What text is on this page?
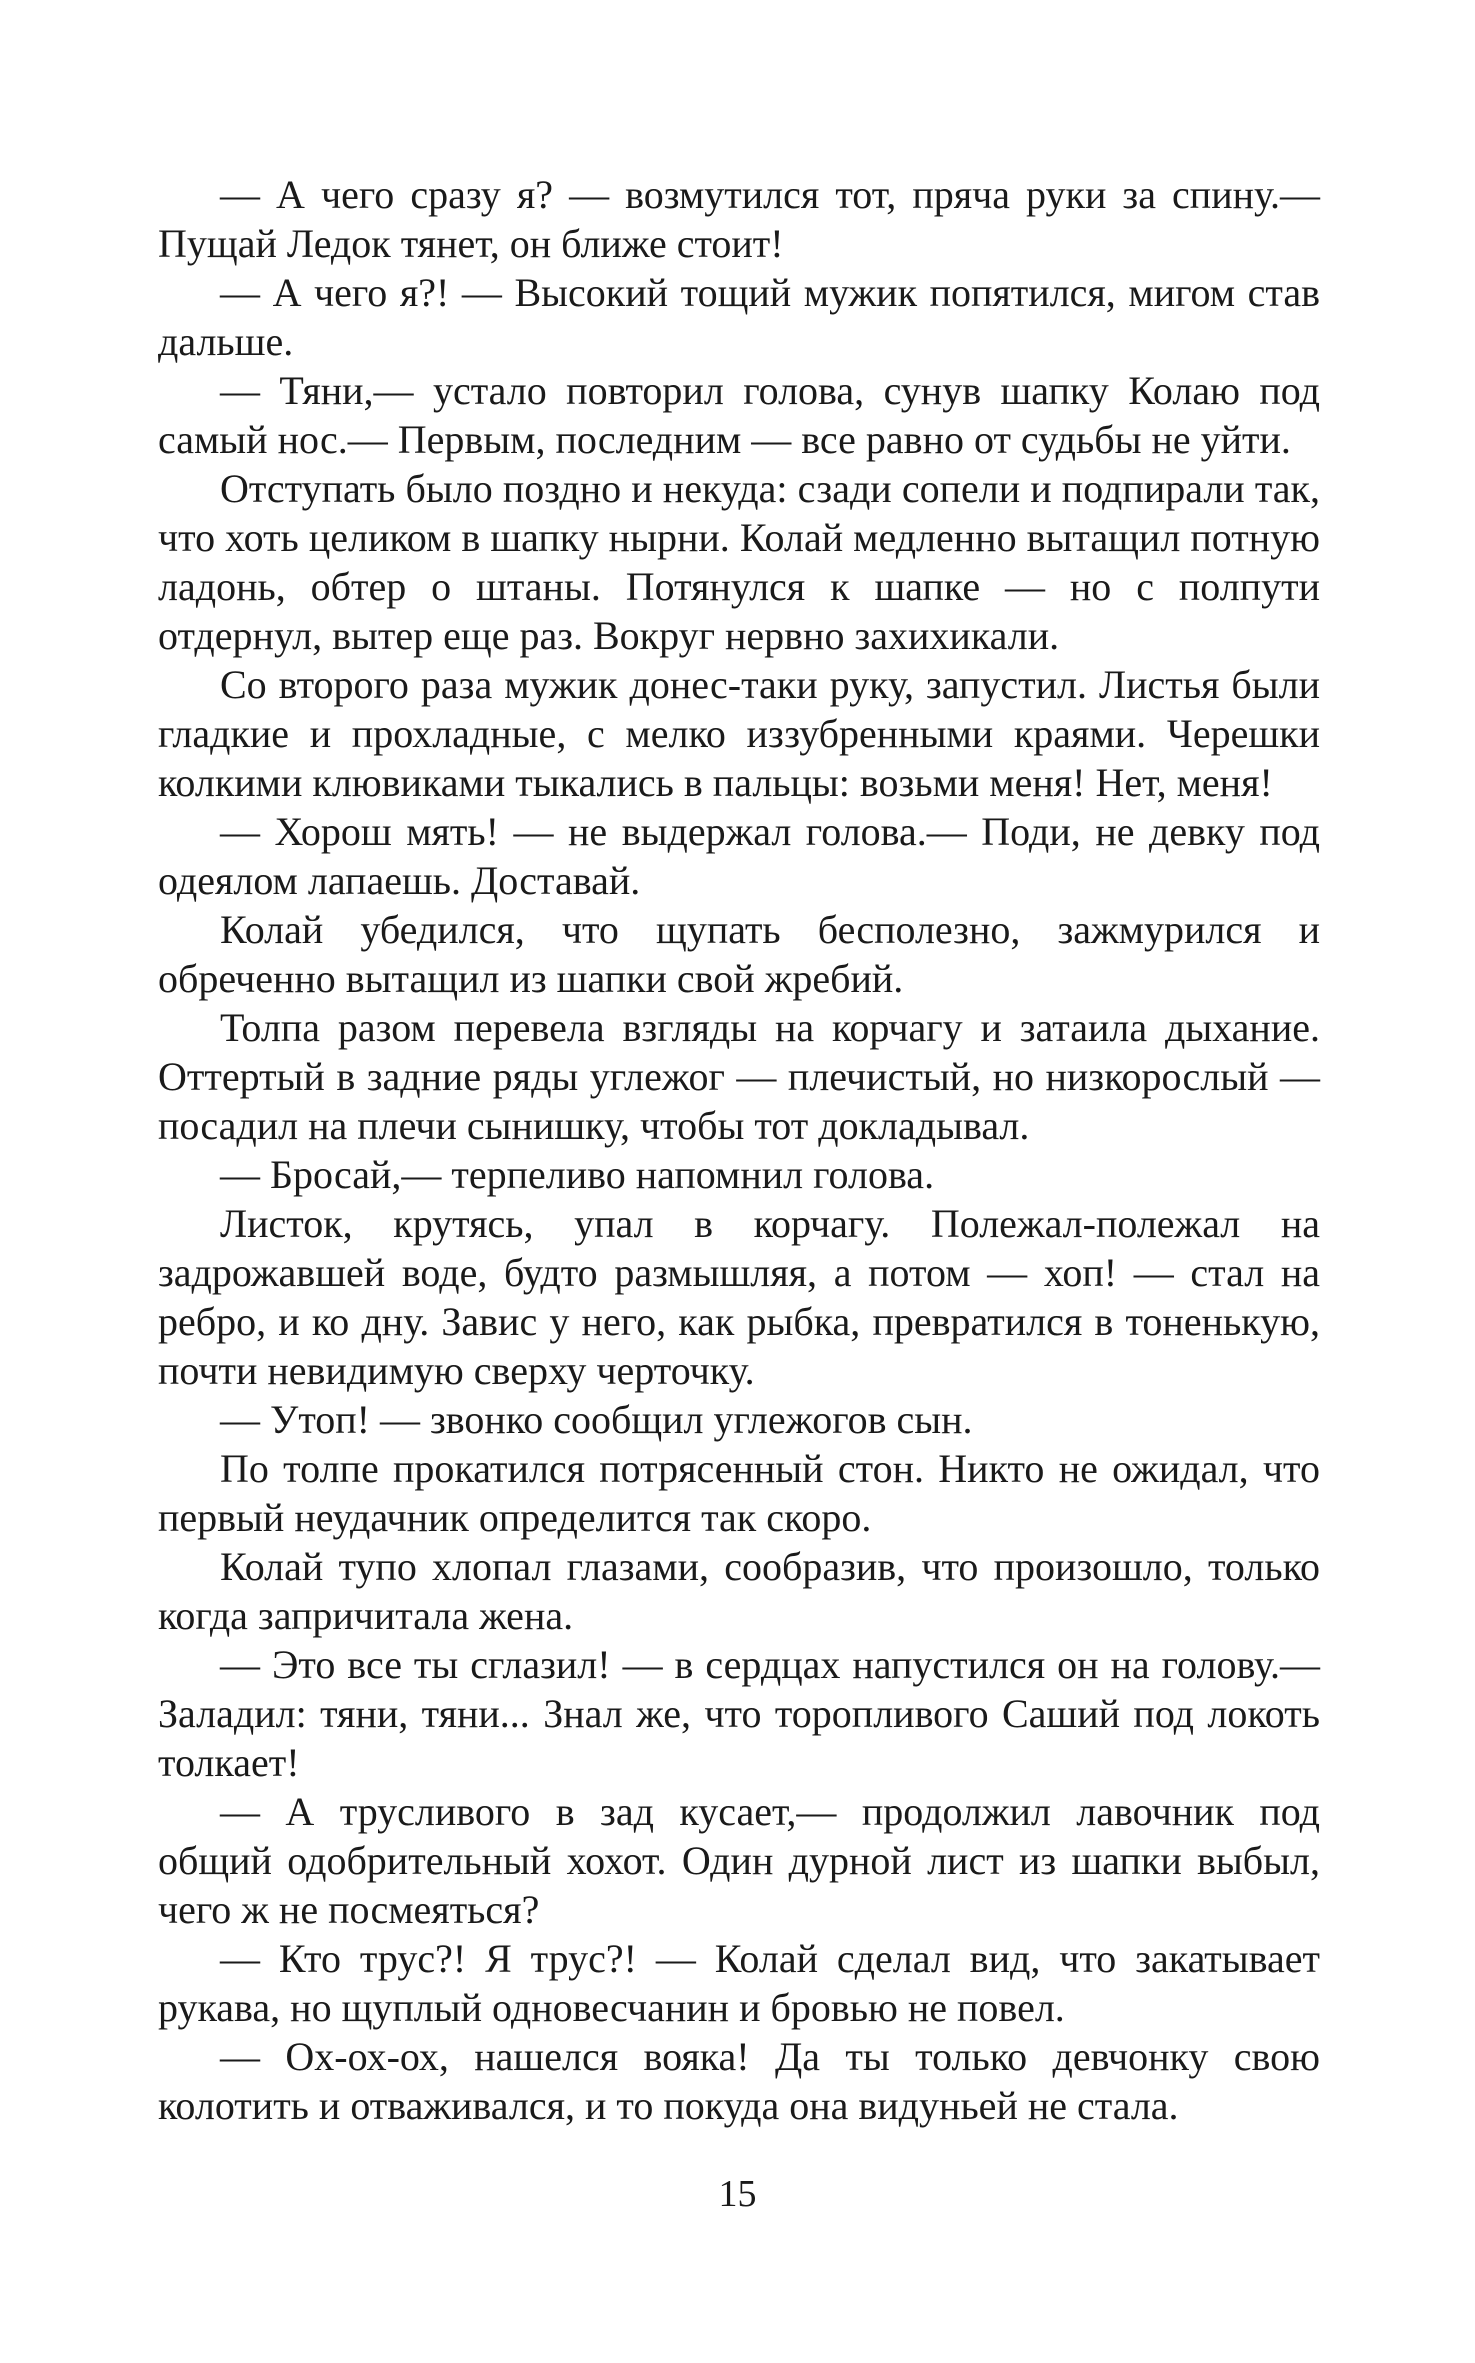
— А чего сразу я? — возмутился тот, пряча руки за спину.— Пущай Ледок тянет, он ближе стоит!

— А чего я?! — Высокий тощий мужик попятился, мигом став дальше.

— Тяни,— устало повторил голова, сунув шапку Колаю под самый нос.— Первым, последним — все равно от судьбы не уйти.

Отступать было поздно и некуда: сзади сопели и подпирали так, что хоть целиком в шапку нырни. Колай медленно вытащил потную ладонь, обтер о штаны. Потянулся к шапке — но с полпути отдернул, вытер еще раз. Вокруг нервно захихикали.

Со второго раза мужик донес-таки руку, запустил. Листья были гладкие и прохладные, с мелко иззубренными краями. Черешки колкими клювиками тыкались в пальцы: возьми меня! Нет, меня!

— Хорош мять! — не выдержал голова.— Поди, не девку под одеялом лапаешь. Доставай.

Колай убедился, что щупать бесполезно, зажмурился и обреченно вытащил из шапки свой жребий.

Толпа разом перевела взгляды на корчагу и затаила дыхание. Оттертый в задние ряды углежог — плечистый, но низкорослый — посадил на плечи сынишку, чтобы тот докладывал.

— Бросай,— терпеливо напомнил голова.

Листок, крутясь, упал в корчагу. Полежал-полежал на задрожавшей воде, будто размышляя, а потом — хоп! — стал на ребро, и ко дну. Завис у него, как рыбка, превратился в тоненькую, почти невидимую сверху черточку.

— Утоп! — звонко сообщил углежогов сын.

По толпе прокатился потрясенный стон. Никто не ожидал, что первый неудачник определится так скоро.

Колай тупо хлопал глазами, сообразив, что произошло, только когда запричитала жена.

— Это все ты сглазил! — в сердцах напустился он на голову.— Заладил: тяни, тяни... Знал же, что торопливого Саший под локоть толкает!

— А трусливого в зад кусает,— продолжил лавочник под общий одобрительный хохот. Один дурной лист из шапки выбыл, чего ж не посмеяться?

— Кто трус?! Я трус?! — Колай сделал вид, что закатывает рукава, но щуплый одновесчанин и бровью не повел.

— Ох-ох-ох, нашелся вояка! Да ты только девчонку свою колотить и отваживался, и то покуда она видуньей не стала.

15
